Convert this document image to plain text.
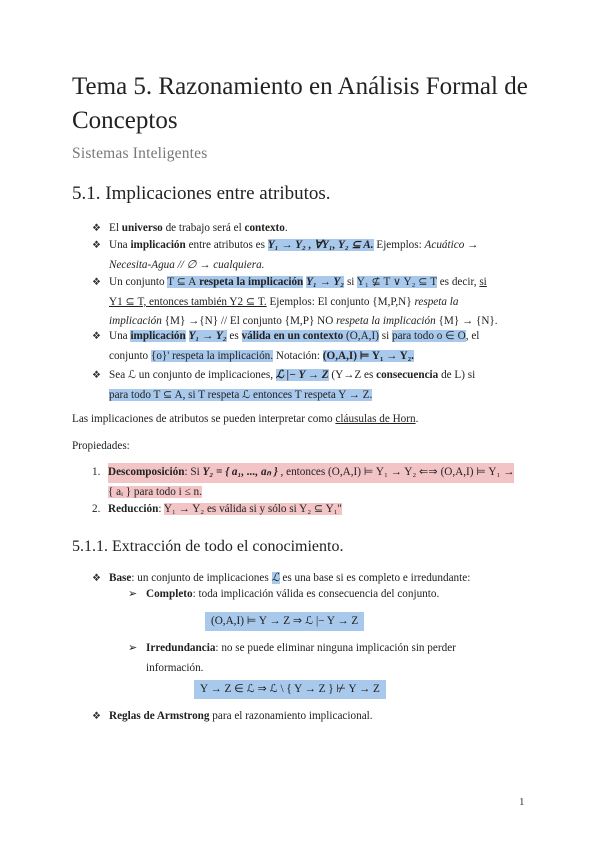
Tema 5. Razonamiento en Análisis Formal de Conceptos
Sistemas Inteligentes
5.1. Implicaciones entre atributos.
❖ El universo de trabajo será el contexto.
❖ Una implicación entre atributos es Y₁ → Y₂ , ∀Y₁, Y₂ ⊆ A. Ejemplos: Acuático →
Necesita-Agua // ∅ → cualquiera.
❖ Un conjunto T ⊆ A respeta la implicación Y₁ → Y₂ si Y₁ ⊈ T ∨ Y₂ ⊆ T es decir, si
Y1 ⊆ T, entonces también Y2 ⊆ T. Ejemplos: El conjunto {M,P,N} respeta la
implicación {M} →{N} // El conjunto {M,P} NO respeta la implicación {M} → {N}.
❖ Una implicación Y₁ → Y₂ es válida en un contexto (O,A,I) si para todo o ∈ O, el
conjunto {o}' respeta la implicación. Notación: (O,A,I) ⊨ Y₁ → Y₂.
❖ Sea ℒ un conjunto de implicaciones, ℒ |− Y → Z (Y→Z es consecuencia de L) si
para todo T ⊆ A, si T respeta ℒ entonces T respeta Y → Z.
Las implicaciones de atributos se pueden interpretar como cláusulas de Horn.
Propiedades:
1. Descomposición: Si Y₂ = { a₁, ..., aₙ } , entonces (O,A,I) ⊨ Y₁ → Y₂ ⇐⇒ (O,A,I) ⊨ Y₁ →
{ aᵢ } para todo i ≤ n.
2. Reducción: Y₁ → Y₂ es válida si y sólo si Y₂ ⊆ Y₁''
5.1.1. Extracción de todo el conocimiento.
❖ Base: un conjunto de implicaciones ℒ es una base si es completo e irredundante:
➢ Completo: toda implicación válida es consecuencia del conjunto.
(O,A,I) ⊨ Y → Z ⇒ ℒ |− Y → Z
➢ Irredundancia: no se puede eliminar ninguna implicación sin perder
información.
Y → Z ∈ ℒ ⇒ ℒ \ { Y → Z } ⊬ Y → Z
❖ Reglas de Armstrong para el razonamiento implicacional.
1
